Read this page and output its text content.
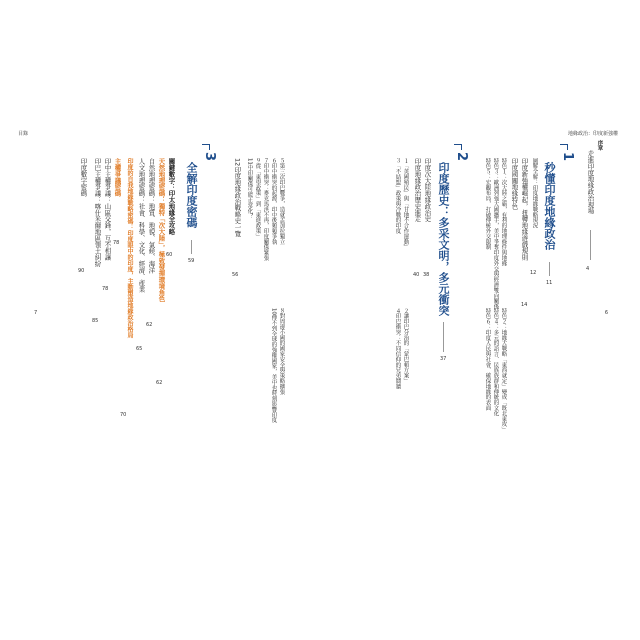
目錄	地緣政治：印度新強權
7	6
序章
走進印度地緣政治現場
4
1
秒懂印度地緣政治
11
圖解全解：印度地緣戰略現況
12
印度新強權崛起，扭轉地緣遊戲規則
14
印度國關地緣特色
特色１：次大陸之霸，有利的地理條件與地緣
特色３：歐洲列強大國攜手，美中爭奪印度外交與經濟雙向關係
特色５：宏觀布局，打破傳統外交限制
特色２：地緣大戰略「東西就定」變成「既北東攻」
特色４：多元的語言、民族族群和傳統的文化
特色６：印度人民與社會，確保地緣的表面
2
印度歷史：多采文明，多元衝突
37
印度次大陸地緣政治史
38
印度地緣政治歷史進走
40
１「英國殖民」與「甘地不合作運動」
３「不結盟」政策與冷戰的印度
２讓印巴分治的「蒙巴頓方案」
４印巴衝突：不同信仰的兄弟鬩牆
５第三次印巴戰爭，造就孟加拉獨立
６印中衝突的起源，印中後頻頻爭執
７印中衝突：麥克馬洪不再，印度關係緊張
９從「東望政策」到「東進政策」
11中印關係可能正常化？
８對周邊小國的國家安全與策略擴張
10傳不到全球的強權國家，美中也時刻影響印度
12印度地緣政治戰略史一覽
56
3
全解印度密碼
59
關鍵數字：印太地緣全攻略
60
天然地理密碼：獨特「次大陸」，極致發揮環境角色
62
自然地理密碼：地質、地貌、氣候、海洋
62
人文地理密碼：社會、科學、文化、經濟、產業
65
印度的自我地緣戰略密碼：印度眼中的印度，主動塑造地緣政治格局
70
主權爭議密碼
78
印中主權爭議：山區交鋒，互不相讓
78
印巴主權爭議：喀什米爾地區領土糾紛
85
印度數字密碼
90
